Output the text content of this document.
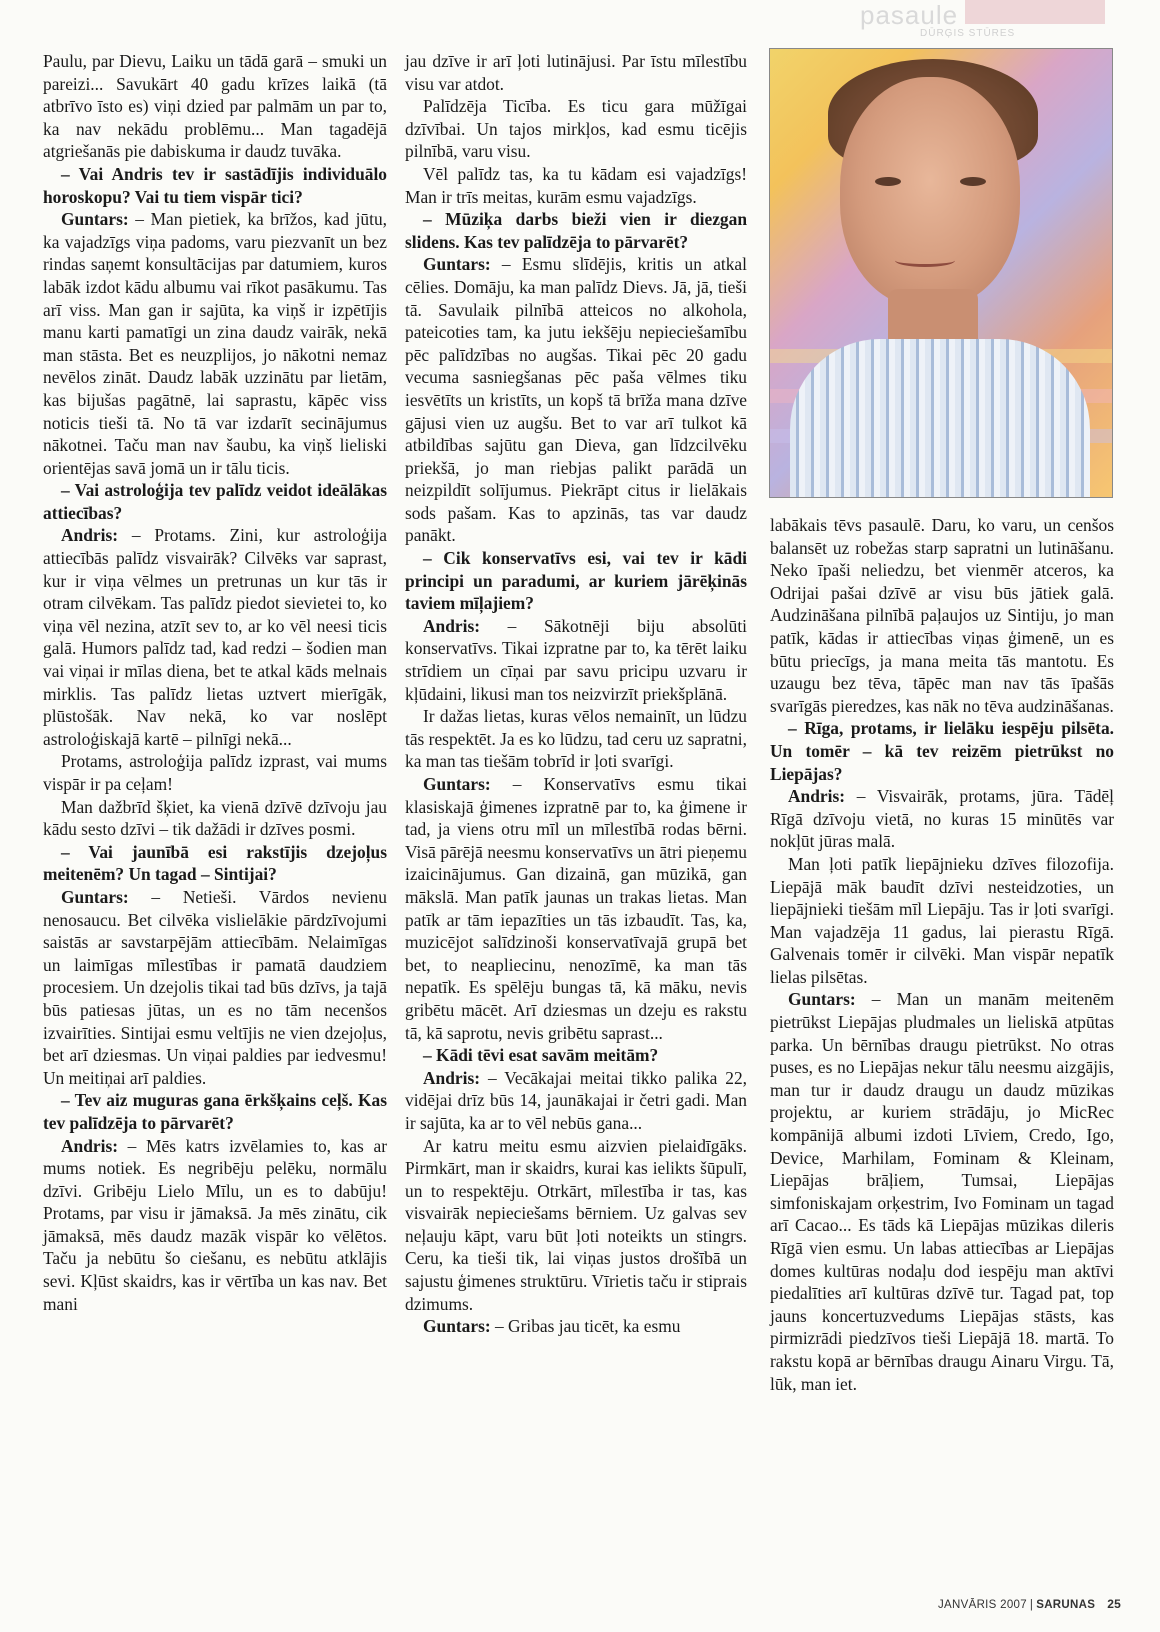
pasaule
DŪRĢIS STŪRES

Paulu, par Dievu, Laiku un tādā garā – smuki un pareizi... Savukārt 40 gadu krīzes laikā (tā atbrīvo īsto es) viņi dzied par palmām un par to, ka nav nekādu problēmu... Man tagadējā atgriešanās pie dabiskuma ir daudz tuvāka.

– Vai Andris tev ir sastādījis individuālo horoskopu? Vai tu tiem vispār tici?

Guntars: – Man pietiek, ka brīžos, kad jūtu, ka vajadzīgs viņa padoms, varu piezvanīt un bez rindas saņemt konsultācijas par datumiem, kuros labāk izdot kādu albumu vai rīkot pasākumu. Tas arī viss. Man gan ir sajūta, ka viņš ir izpētījis manu karti pamatīgi un zina daudz vairāk, nekā man stāsta. Bet es neuzplijos, jo nākotni nemaz nevēlos zināt. Daudz labāk uzzinātu par lietām, kas bijušas pagātnē, lai saprastu, kāpēc viss noticis tieši tā. No tā var izdarīt secinājumus nākotnei. Taču man nav šaubu, ka viņš lieliski orientējas savā jomā un ir tālu ticis.

– Vai astroloģija tev palīdz veidot ideālākas attiecības?

Andris: – Protams. Zini, kur astroloģija attiecībās palīdz visvairāk? Cilvēks var saprast, kur ir viņa vēlmes un pretrunas un kur tās ir otram cilvēkam. Tas palīdz piedot sievietei to, ko viņa vēl nezina, atzīt sev to, ar ko vēl neesi ticis galā. Humors palīdz tad, kad redzi – šodien man vai viņai ir mīlas diena, bet te atkal kāds melnais mirklis. Tas palīdz lietas uztvert mierīgāk, plūstošāk. Nav nekā, ko var noslēpt astroloģiskajā kartē – pilnīgi nekā...

Protams, astroloģija palīdz izprast, vai mums vispār ir pa ceļam!

Man dažbrīd šķiet, ka vienā dzīvē dzīvoju jau kādu sesto dzīvi – tik dažādi ir dzīves posmi.

– Vai jaunībā esi rakstījis dzejoļus meitenēm? Un tagad – Sintijai?

Guntars: – Netieši. Vārdos nevienu nenosaucu. Bet cilvēka vislielākie pārdzīvojumi saistās ar savstarpējām attiecībām. Nelaimīgas un laimīgas mīlestības ir pamatā daudziem procesiem. Un dzejolis tikai tad būs dzīvs, ja tajā būs patiesas jūtas, un es no tām necenšos izvairīties. Sintijai esmu veltījis ne vien dzejoļus, bet arī dziesmas. Un viņai paldies par iedvesmu! Un meitiņai arī paldies.

– Tev aiz muguras gana ērkšķains ceļš. Kas tev palīdzēja to pārvarēt?

Andris: – Mēs katrs izvēlamies to, kas ar mums notiek. Es negribēju pelēku, normālu dzīvi. Gribēju Lielo Mīlu, un es to dabūju! Protams, par visu ir jāmaksā. Ja mēs zinātu, cik jāmaksā, mēs daudz mazāk vispār ko vēlētos. Taču ja nebūtu šo ciešanu, es nebūtu atklājis sevi. Kļūst skaidrs, kas ir vērtība un kas nav. Bet mani

jau dzīve ir arī ļoti lutinājusi. Par īstu mīlestību visu var atdot.

Palīdzēja Ticība. Es ticu gara mūžīgai dzīvībai. Un tajos mirkļos, kad esmu ticējis pilnībā, varu visu.

Vēl palīdz tas, ka tu kādam esi vajadzīgs! Man ir trīs meitas, kurām esmu vajadzīgs.

– Mūziķa darbs bieži vien ir diezgan slidens. Kas tev palīdzēja to pārvarēt?

Guntars: – Esmu slīdējis, kritis un atkal cēlies. Domāju, ka man palīdz Dievs. Jā, jā, tieši tā. Savulaik pilnībā atteicos no alkohola, pateicoties tam, ka jutu iekšēju nepieciešamību pēc palīdzības no augšas. Tikai pēc 20 gadu vecuma sasniegšanas pēc paša vēlmes tiku iesvētīts un kristīts, un kopš tā brīža mana dzīve gājusi vien uz augšu. Bet to var arī tulkot kā atbildības sajūtu gan Dieva, gan līdzcilvēku priekšā, jo man riebjas palikt parādā un neizpildīt solījumus. Piekrāpt citus ir lielākais sods pašam. Kas to apzinās, tas var daudz panākt.

– Cik konservatīvs esi, vai tev ir kādi principi un paradumi, ar kuriem jārēķinās taviem mīļajiem?

Andris: – Sākotnēji biju absolūti konservatīvs. Tikai izpratne par to, ka tērēt laiku strīdiem un cīņai par savu pricipu uzvaru ir kļūdaini, likusi man tos neizvirzīt priekšplānā.

Ir dažas lietas, kuras vēlos nemainīt, un lūdzu tās respektēt. Ja es ko lūdzu, tad ceru uz sapratni, ka man tas tiešām tobrīd ir ļoti svarīgi.

Guntars: – Konservatīvs esmu tikai klasiskajā ģimenes izpratnē par to, ka ģimene ir tad, ja viens otru mīl un mīlestībā rodas bērni. Visā pārējā neesmu konservatīvs un ātri pieņemu izaicinājumus. Gan dizainā, gan mūzikā, gan mākslā. Man patīk jaunas un trakas lietas. Man patīk ar tām iepazīties un tās izbaudīt. Tas, ka, muzicējot salīdzinoši konservatīvajā grupā bet bet, to neapliecinu, nenozīmē, ka man tās nepatīk. Es spēlēju bungas tā, kā māku, nevis gribētu mācēt. Arī dziesmas un dzeju es rakstu tā, kā saprotu, nevis gribētu saprast...

– Kādi tēvi esat savām meitām?

Andris: – Vecākajai meitai tikko palika 22, vidējai drīz būs 14, jaunākajai ir četri gadi. Man ir sajūta, ka ar to vēl nebūs gana...

Ar katru meitu esmu aizvien pielaidīgāks. Pirmkārt, man ir skaidrs, kurai kas ielikts šūpulī, un to respektēju. Otrkārt, mīlestība ir tas, kas visvairāk nepieciešams bērniem. Uz galvas sev neļauju kāpt, varu būt ļoti noteikts un stingrs. Ceru, ka tieši tik, lai viņas justos drošībā un sajustu ģimenes struktūru. Vīrietis taču ir stiprais dzimums.

Guntars: – Gribas jau ticēt, ka esmu

labākais tēvs pasaulē. Daru, ko varu, un cenšos balansēt uz robežas starp sapratni un lutināšanu. Neko īpaši neliedzu, bet vienmēr atceros, ka Odrijai pašai dzīvē ar visu būs jātiek galā. Audzināšana pilnībā paļaujos uz Sintiju, jo man patīk, kādas ir attiecības viņas ģimenē, un es būtu priecīgs, ja mana meita tās mantotu. Es uzaugu bez tēva, tāpēc man nav tās īpašās svarīgās pieredzes, kas nāk no tēva audzināšanas.

– Rīga, protams, ir lielāku iespēju pilsēta. Un tomēr – kā tev reizēm pietrūkst no Liepājas?

Andris: – Visvairāk, protams, jūra. Tādēļ Rīgā dzīvoju vietā, no kuras 15 minūtēs var nokļūt jūras malā.

Man ļoti patīk liepājnieku dzīves filozofija. Liepājā māk baudīt dzīvi nesteidzoties, un liepājnieki tiešām mīl Liepāju. Tas ir ļoti svarīgi. Man vajadzēja 11 gadus, lai pierastu Rīgā. Galvenais tomēr ir cilvēki. Man vispār nepatīk lielas pilsētas.

Guntars: – Man un manām meitenēm pietrūkst Liepājas pludmales un lieliskā atpūtas parka. Un bērnības draugu pietrūkst. No otras puses, es no Liepājas nekur tālu neesmu aizgājis, man tur ir daudz draugu un daudz mūzikas projektu, ar kuriem strādāju, jo MicRec kompānijā albumi izdoti Līviem, Credo, Igo, Device, Marhilam, Fominam & Kleinam, Liepājas brāļiem, Tumsai, Liepājas simfoniskajam orķestrim, Ivo Fominam un tagad arī Cacao... Es tāds kā Liepājas mūzikas dileris Rīgā vien esmu. Un labas attiecības ar Liepājas domes kultūras nodaļu dod iespēju man aktīvi piedalīties arī kultūras dzīvē tur. Tagad pat, top jauns koncertuzvedums Liepājas stāsts, kas pirmizrādi piedzīvos tieši Liepājā 18. martā. To rakstu kopā ar bērnības draugu Ainaru Virgu. Tā, lūk, man iet.

JANVĀRIS 2007 | SARUNAS 25
